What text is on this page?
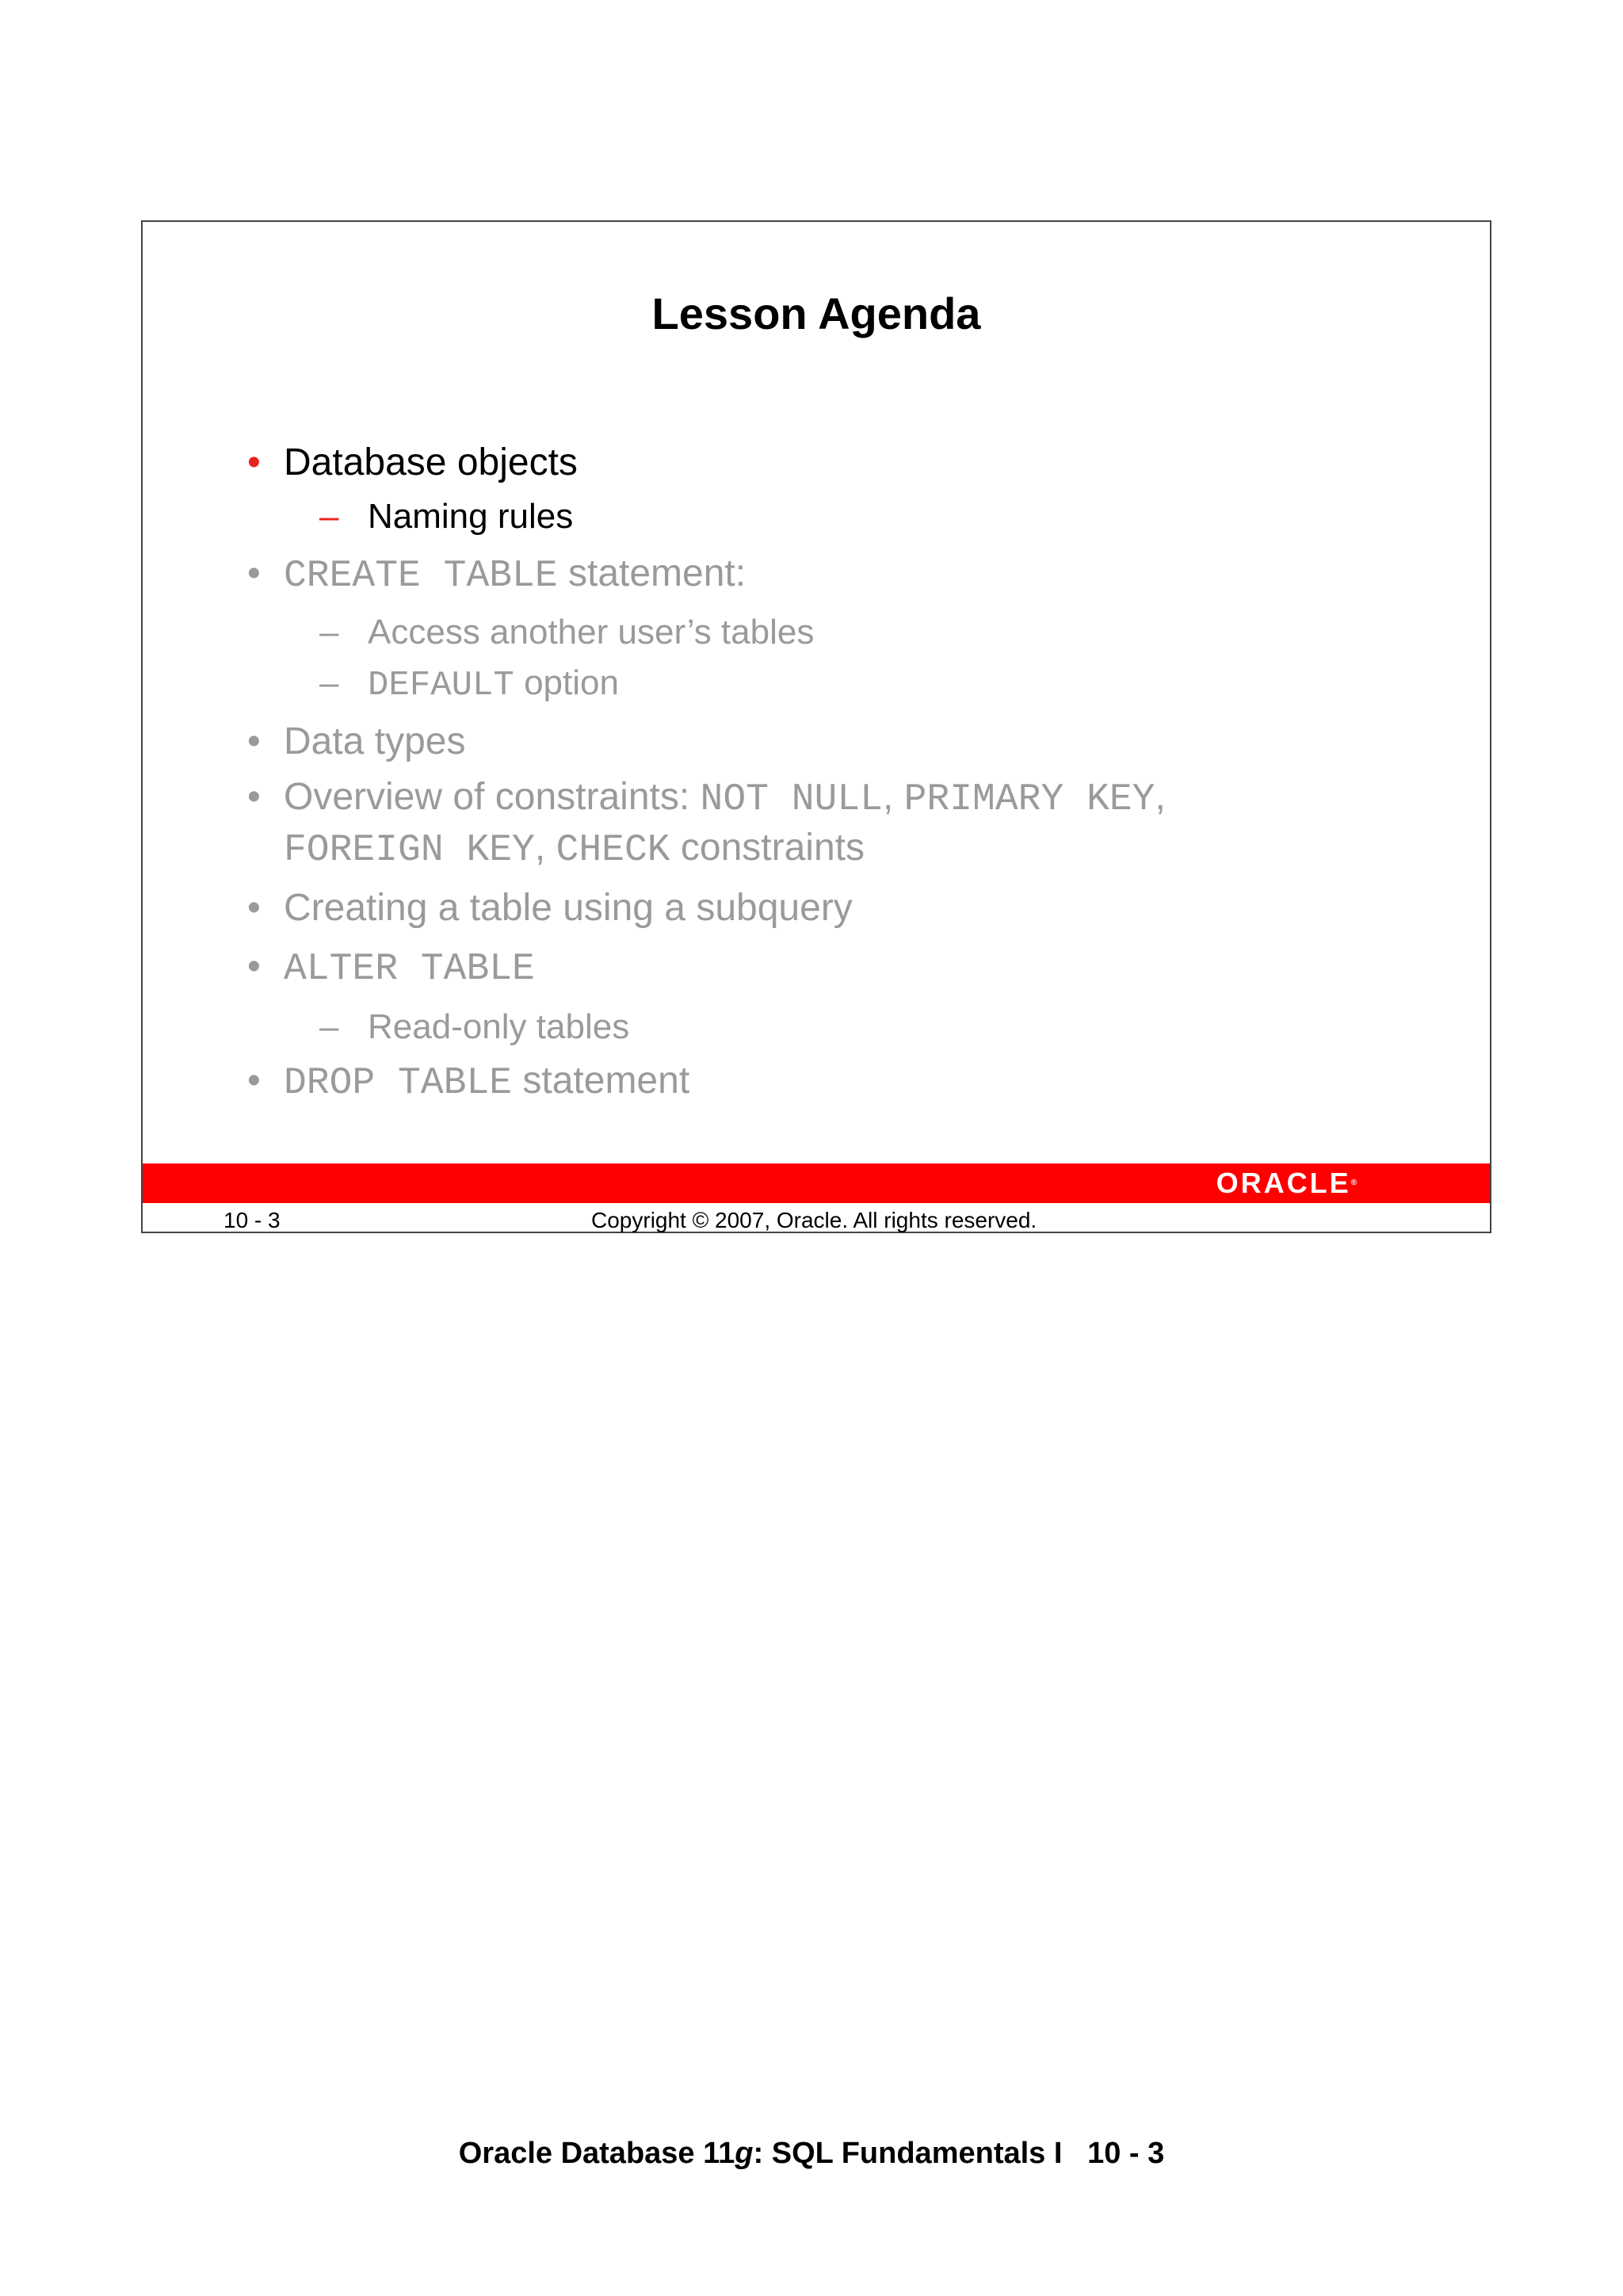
Lesson Agenda
• Database objects
– Naming rules
• CREATE TABLE statement:
– Access another user’s tables
– DEFAULT option
• Data types
• Overview of constraints: NOT NULL, PRIMARY KEY,
FOREIGN KEY, CHECK constraints
• Creating a table using a subquery
• ALTER TABLE
– Read-only tables
• DROP TABLE statement
ORACLE®
10 - 3	Copyright © 2007, Oracle. All rights reserved.
Oracle Database 11g: SQL Fundamentals I   10 - 3
